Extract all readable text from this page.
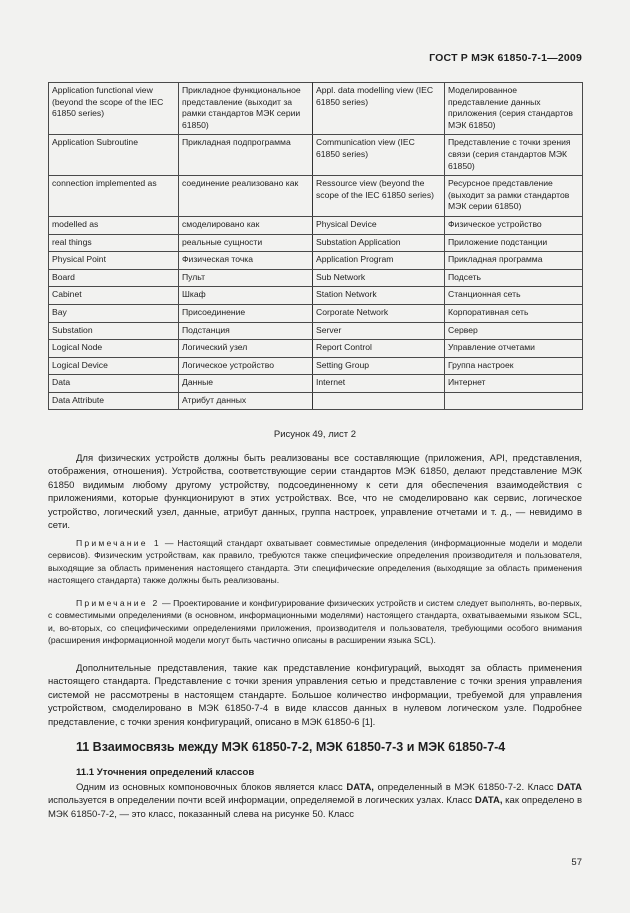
ГОСТ Р МЭК 61850-7-1—2009
Application functional view (beyond the scope of the IEC 61850 series)	Прикладное функциональное представление (выходит за рамки стандартов МЭК серии 61850)	Appl. data modelling view (IEC 61850 series)	Моделированное представление данных приложения (серия стандартов МЭК 61850)
Application Subroutine	Прикладная подпрограмма	Communication view (IEC 61850 series)	Представление с точки зрения связи (серия стандартов МЭК 61850)
connection implemented as	соединение реализовано как	Ressource view (beyond the scope of the IEC 61850 series)	Ресурсное представление (выходит за рамки стандартов МЭК серии 61850)
modelled as	смоделировано как	Physical Device	Физическое устройство
real things	реальные сущности	Substation Application	Приложение подстанции
Physical Point	Физическая точка	Application Program	Прикладная программа
Board	Пульт	Sub Network	Подсеть
Cabinet	Шкаф	Station Network	Станционная сеть
Bay	Присоединение	Corporate Network	Корпоративная сеть
Substation	Подстанция	Server	Сервер
Logical Node	Логический узел	Report Control	Управление отчетами
Logical Device	Логическое устройство	Setting Group	Группа настроек
Data	Данные	Internet	Интернет
Data Attribute	Атрибут данных		
Рисунок 49, лист 2

Для физических устройств должны быть реализованы все составляющие (приложения, API, представления, отображения, отношения). Устройства, соответствующие серии стандартов МЭК 61850, делают представление МЭК 61850 видимым любому другому устройству, подсоединенному к сети для обеспечения взаимодействия с приложениями, которые функционируют в этих устройствах. Все, что не смоделировано как сервис, логическое устройство, логический узел, данные, атрибут данных, группа настроек, управление отчетами и т. д., — невидимо в сети.

Примечание 1 — Настоящий стандарт охватывает совместимые определения (информационные модели и модели сервисов). Физическим устройствам, как правило, требуются также специфические определения производителя и пользователя, выходящие за область применения настоящего стандарта. Эти специфические определения (выходящие за область применения настоящего стандарта) также должны быть реализованы.

Примечание 2 — Проектирование и конфигурирование физических устройств и систем следует выполнять, во-первых, с совместимыми определениями (в основном, информационными моделями) настоящего стандарта, охватываемыми языком SCL, и, во-вторых, со специфическими определениями приложения, производителя и пользователя, требующими особого внимания (расширения информационной модели могут быть частично описаны в расширении языка SCL).

Дополнительные представления, такие как представление конфигураций, выходят за область применения настоящего стандарта. Представление с точки зрения управления сетью и представление с точки зрения управления системой не рассмотрены в настоящем стандарте. Большое количество информации, требуемой для управления устройством, смоделировано в МЭК 61850-7-4 в виде классов данных в нулевом логическом узле. Подробнее представление, с точки зрения конфигураций, описано в МЭК 61850-6 [1].

11 Взаимосвязь между МЭК 61850-7-2, МЭК 61850-7-3 и МЭК 61850-7-4
11.1 Уточнения определений классов

Одним из основных компоновочных блоков является класс DATA, определенный в МЭК 61850-7-2. Класс DATA используется в определении почти всей информации, определяемой в логических узлах. Класс DATA, как определено в МЭК 61850-7-2, — это класс, показанный слева на рисунке 50. Класс

57
